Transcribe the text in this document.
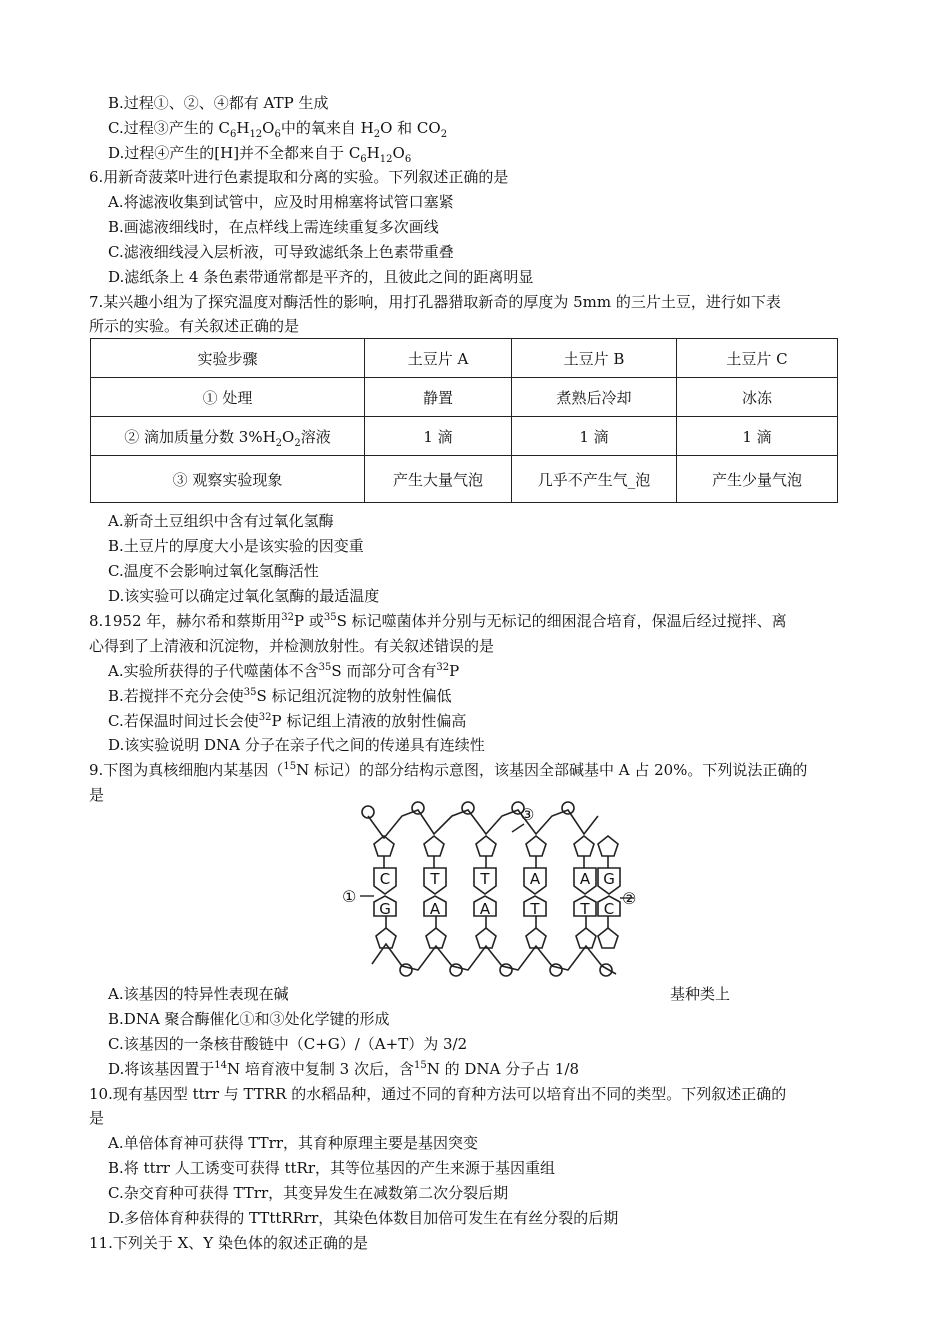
B.过程①、②、④都有 ATP 生成
C.过程③产生的 $C_6H_{12}O_6$中的氧来自 $H_2O$ 和 $CO_2$
D.过程④产生的[H]并不全都来自于 $C_6H_{12}O_6$
6.用新奇菠菜叶进行色素提取和分离的实验。下列叙述正确的是
A.将滤液收集到试管中，应及时用棉塞将试管口塞紧
B.画滤液细线时，在点样线上需连续重复多次画线
C.滤液细线浸入层析液，可导致滤纸条上色素带重叠
D.滤纸条上 4 条色素带通常都是平齐的，且彼此之间的距离明显
7.某兴趣小组为了探究温度对酶活性的影响，用打孔器猎取新奇的厚度为 5mm 的三片土豆，进行如下表
所示的实验。有关叙述正确的是
实验步骤	土豆片 A	土豆片 B	土豆片 C
① 处理	静置	煮熟后冷却	冰冻
② 滴加质量分数 $3\%H_2O_2$溶液	1 滴	1 滴	1 滴
③ 观察实验现象	产生大量气泡	几乎不产生气_泡	产生少量气泡
A.新奇土豆组织中含有过氧化氢酶
B.土豆片的厚度大小是该实验的因变重
C.温度不会影响过氧化氢酶活性
D.该实验可以确定过氧化氢酶的最适温度
8.1952 年，赫尔希和蔡斯用$^{32}$P 或$^{35}$S 标记噬菌体并分别与无标记的细困混合培育，保温后经过搅拌、离
心得到了上清液和沉淀物，并检测放射性。有关叙述错误的是
A.实验所获得的子代噬菌体不含$^{35}$S 而部分可含有$^{32}$P
B.若搅拌不充分会使$^{35}$S 标记组沉淀物的放射性偏低
C.若保温时间过长会使$^{32}$P 标记组上清液的放射性偏高
D.该实验说明 DNA 分子在亲子代之间的传递具有连续性
9.下图为真核细胞内某基因（$^{15}$N 标记）的部分结构示意图，该基因全部碱基中 A 占 20%。下列说法正确的
是
C	T	T	A	A G
G	A	A	T	T C
①	②
③
A.该基因的特异性表现在碱	基种类上
B.DNA 聚合酶催化①和③处化学键的形成
C.该基因的一条核苷酸链中（C+G）/（A+T）为 3/2
D.将该基因置于$^{14}$N 培育液中复制 3 次后，含$^{15}$N 的 DNA 分子占 1/8
10.现有基因型 ttrr 与 TTRR 的水稻品种，通过不同的育种方法可以培育出不同的类型。下列叙述正确的
是
A.单倍体育神可获得 TTrr，其育种原理主要是基因突变
B.将 ttrr 人工诱变可获得 ttRr，其等位基因的产生来源于基因重组
C.杂交育种可获得 TTrr，其变异发生在减数第二次分裂后期
D.多倍体育种获得的 TTttRRrr，其染色体数目加倍可发生在有丝分裂的后期
11.下列关于 X、Y 染色体的叙述正确的是
